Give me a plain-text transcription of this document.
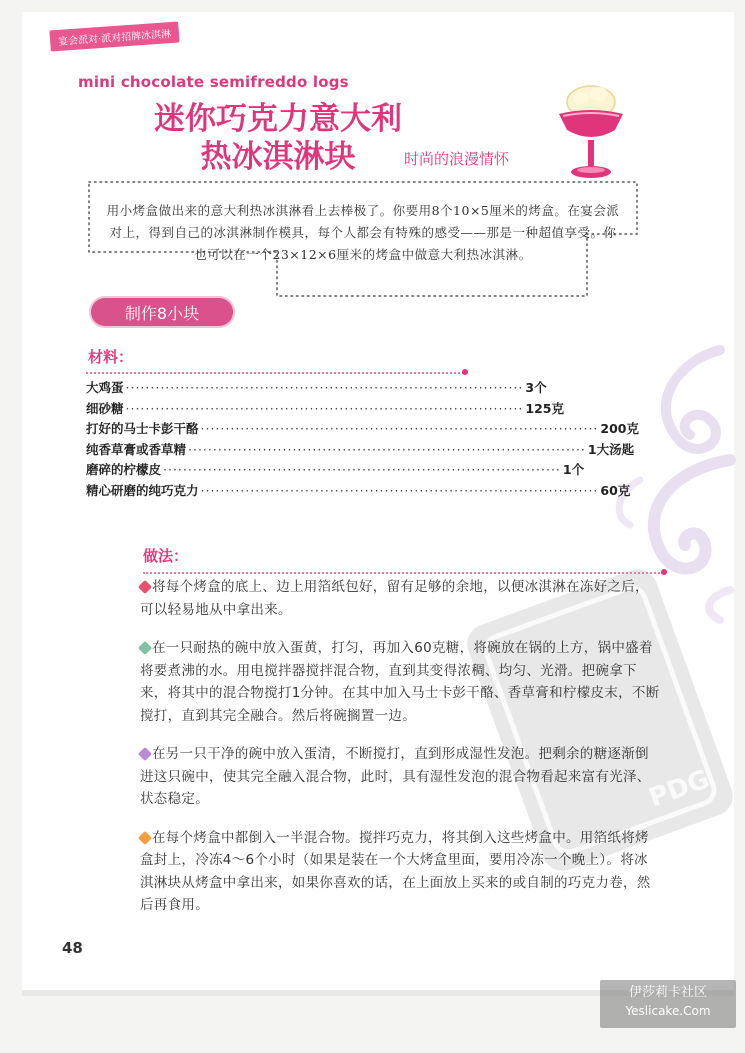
PDG
宴会派对·派对招牌冰淇淋
mini chocolate semifreddo logs
迷你巧克力意大利
热冰淇淋块	时尚的浪漫情怀
用小烤盒做出来的意大利热冰淇淋看上去棒极了。你要用8个10×5厘米的烤盒。在宴会派对上，得到自己的冰淇淋制作模具，每个人都会有特殊的感受——那是一种超值享受。你也可以在一个23×12×6厘米的烤盒中做意大利热冰淇淋。
制作8小块
材料：
大鸡蛋 ················································································ 3个
细砂糖 ················································································ 125克
打好的马士卡彭干酪 ················································································ 200克
纯香草膏或香草精 ················································································ 1大汤匙
磨碎的柠檬皮 ················································································ 1个
精心研磨的纯巧克力 ················································································ 60克
做法：
将每个烤盒的底上、边上用箔纸包好，留有足够的余地，以便冰淇淋在冻好之后，可以轻易地从中拿出来。
在一只耐热的碗中放入蛋黄，打匀，再加入60克糖，将碗放在锅的上方，锅中盛着将要煮沸的水。用电搅拌器搅拌混合物，直到其变得浓稠、均匀、光滑。把碗拿下来，将其中的混合物搅打1分钟。在其中加入马士卡彭干酪、香草膏和柠檬皮末，不断搅打，直到其完全融合。然后将碗搁置一边。
在另一只干净的碗中放入蛋清，不断搅打，直到形成湿性发泡。把剩余的糖逐渐倒进这只碗中，使其完全融入混合物，此时，具有湿性发泡的混合物看起来富有光泽、状态稳定。
在每个烤盒中都倒入一半混合物。搅拌巧克力，将其倒入这些烤盒中。用箔纸将烤盒封上，冷冻4～6个小时（如果是装在一个大烤盒里面，要用冷冻一个晚上）。将冰淇淋块从烤盒中拿出来，如果你喜欢的话，在上面放上买来的或自制的巧克力卷，然后再食用。
48
伊莎莉卡社区
Yeslicake.Com
